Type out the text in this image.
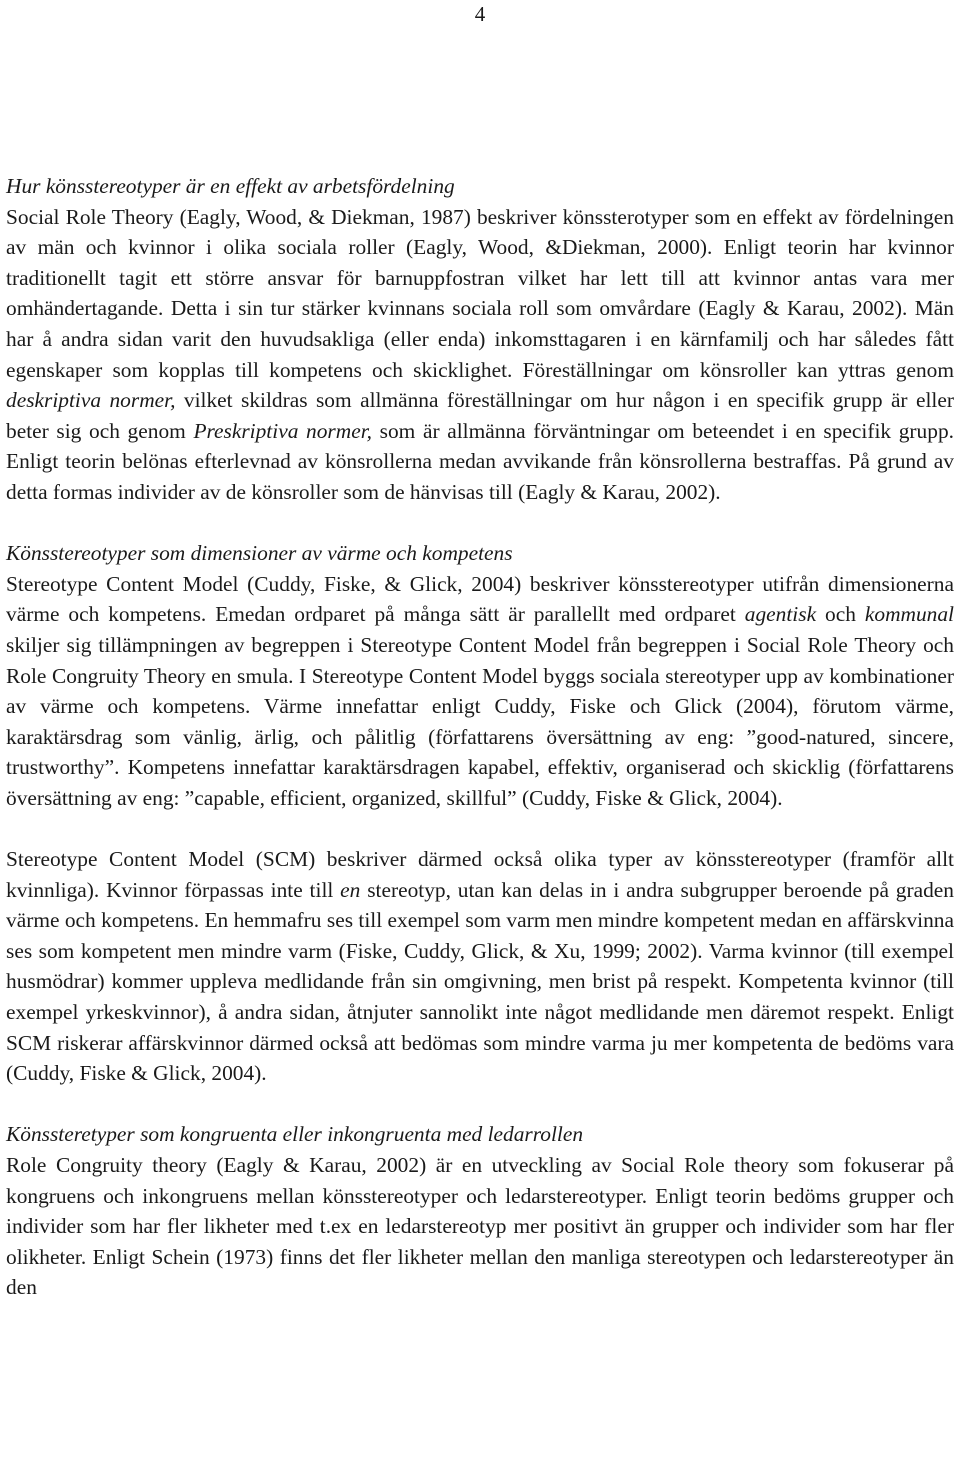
4
Hur könsstereotyper är en effekt av arbetsfördelning

Social Role Theory (Eagly, Wood, & Diekman, 1987) beskriver könssterotyper som en effekt av fördelningen av män och kvinnor i olika sociala roller (Eagly, Wood, &Diekman, 2000). Enligt teorin har kvinnor traditionellt tagit ett större ansvar för barnuppfostran vilket har lett till att kvinnor antas vara mer omhändertagande. Detta i sin tur stärker kvinnans sociala roll som omvårdare (Eagly & Karau, 2002). Män har å andra sidan varit den huvudsakliga (eller enda) inkomsttagaren i en kärnfamilj och har således fått egenskaper som kopplas till kompetens och skicklighet. Föreställningar om könsroller kan yttras genom deskriptiva normer, vilket skildras som allmänna föreställningar om hur någon i en specifik grupp är eller beter sig och genom Preskriptiva normer, som är allmänna förväntningar om beteendet i en specifik grupp. Enligt teorin belönas efterlevnad av könsrollerna medan avvikande från könsrollerna bestraffas. På grund av detta formas individer av de könsroller som de hänvisas till (Eagly & Karau, 2002).

Könsstereotyper som dimensioner av värme och kompetens

Stereotype Content Model (Cuddy, Fiske, & Glick, 2004) beskriver könsstereotyper utifrån dimensionerna värme och kompetens. Emedan ordparet på många sätt är parallellt med ordparet agentisk och kommunal skiljer sig tillämpningen av begreppen i Stereotype Content Model från begreppen i Social Role Theory och Role Congruity Theory en smula. I Stereotype Content Model byggs sociala stereotyper upp av kombinationer av värme och kompetens. Värme innefattar enligt Cuddy, Fiske och Glick (2004), förutom värme, karaktärsdrag som vänlig, ärlig, och pålitlig (författarens översättning av eng: ”good-natured, sincere, trustworthy”. Kompetens innefattar karaktärsdragen kapabel, effektiv, organiserad och skicklig (författarens översättning av eng: ”capable, efficient, organized, skillful” (Cuddy, Fiske & Glick, 2004).

Stereotype Content Model (SCM) beskriver därmed också olika typer av könsstereotyper (framför allt kvinnliga). Kvinnor förpassas inte till en stereotyp, utan kan delas in i andra subgrupper beroende på graden värme och kompetens. En hemmafru ses till exempel som varm men mindre kompetent medan en affärskvinna ses som kompetent men mindre varm (Fiske, Cuddy, Glick, & Xu, 1999; 2002). Varma kvinnor (till exempel husmödrar) kommer uppleva medlidande från sin omgivning, men brist på respekt. Kompetenta kvinnor (till exempel yrkeskvinnor), å andra sidan, åtnjuter sannolikt inte något medlidande men däremot respekt. Enligt SCM riskerar affärskvinnor därmed också att bedömas som mindre varma ju mer kompetenta de bedöms vara (Cuddy, Fiske & Glick, 2004).

Könssteretyper som kongruenta eller inkongruenta med ledarrollen

Role Congruity theory (Eagly & Karau, 2002) är en utveckling av Social Role theory som fokuserar på kongruens och inkongruens mellan könsstereotyper och ledarstereotyper. Enligt teorin bedöms grupper och individer som har fler likheter med t.ex en ledarstereotyp mer positivt än grupper och individer som har fler olikheter. Enligt Schein (1973) finns det fler likheter mellan den manliga stereotypen och ledarstereotyper än den
